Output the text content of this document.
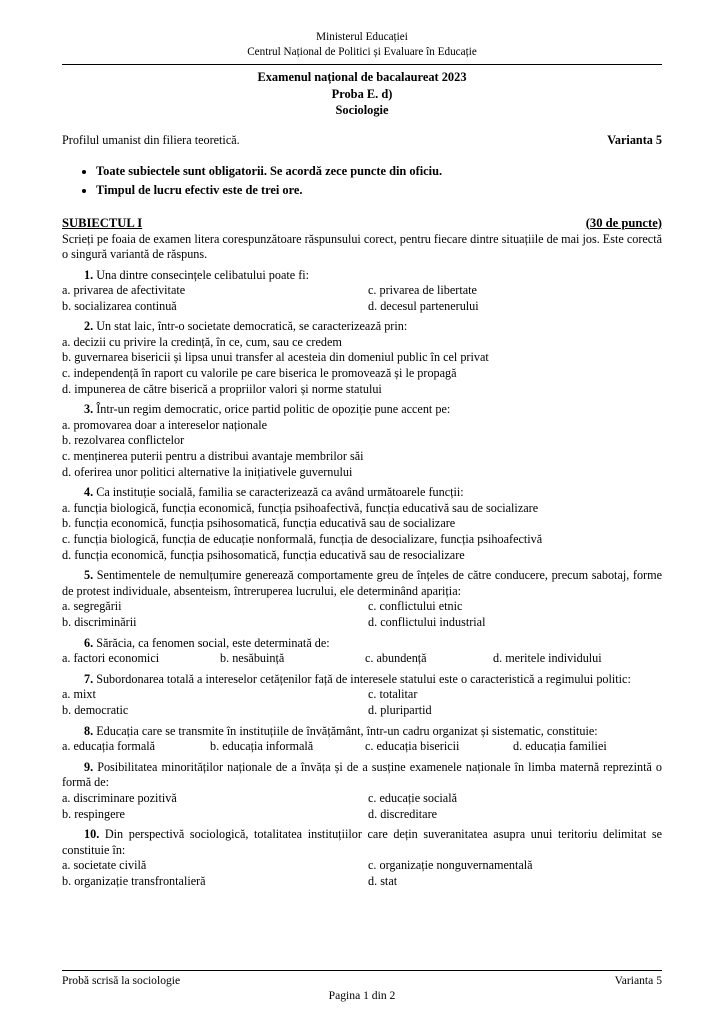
Ministerul Educației
Centrul Național de Politici și Evaluare în Educație
Examenul național de bacalaureat 2023
Proba E. d)
Sociologie
Varianta 5
Profilul umanist din filiera teoretică.
• Toate subiectele sunt obligatorii. Se acordă zece puncte din oficiu.
• Timpul de lucru efectiv este de trei ore.
SUBIECTUL I	(30 de puncte)
Scrieți pe foaia de examen litera corespunzătoare răspunsului corect, pentru fiecare dintre situațiile de mai jos. Este corectă o singură variantă de răspuns.
1. Una dintre consecințele celibatului poate fi:
a. privarea de afectivitate
b. socializarea continuă
c. privarea de libertate
d. decesul partenerului
2. Un stat laic, într-o societate democratică, se caracterizează prin:
a. decizii cu privire la credință, în ce, cum, sau ce credem
b. guvernarea bisericii și lipsa unui transfer al acesteia din domeniul public în cel privat
c. independență în raport cu valorile pe care biserica le promovează și le propagă
d. impunerea de către biserică a propriilor valori și norme statului
3. Într-un regim democratic, orice partid politic de opoziție pune accent pe:
a. promovarea doar a intereselor naționale
b. rezolvarea conflictelor
c. menținerea puterii pentru a distribui avantaje membrilor săi
d. oferirea unor politici alternative la inițiativele guvernului
4. Ca instituție socială, familia se caracterizează ca având următoarele funcții:
a. funcția biologică, funcția economică, funcția psihoafectivă, funcția educativă sau de socializare
b. funcția economică, funcția psihosomatică, funcția educativă sau de socializare
c. funcția biologică, funcția de educație nonformală, funcția de desocializare, funcția psihoafectivă
d. funcția economică, funcția psihosomatică, funcția educativă sau de resocializare
5. Sentimentele de nemulțumire generează comportamente greu de înțeles de către conducere, precum sabotaj, forme de protest individuale, absenteism, întreruperea lucrului, ele determinând apariția:
a. segregării
b. discriminării
c. conflictului etnic
d. conflictului industrial
6. Sărăcia, ca fenomen social, este determinată de:
a. factori economici	b. nesăbuință	c. abundență	d. meritele individului
7. Subordonarea totală a intereselor cetățenilor față de interesele statului este o caracteristică a regimului politic:
a. mixt
b. democratic
c. totalitar
d. pluripartid
8. Educația care se transmite în instituțiile de învățământ, într-un cadru organizat și sistematic, constituie:
a. educația formală	b. educația informală	c. educația bisericii	d. educația familiei
9. Posibilitatea minorităților naționale de a învăța și de a susține examenele naționale în limba maternă reprezintă o formă de:
a. discriminare pozitivă
b. respingere
c. educație socială
d. discreditare
10. Din perspectivă sociologică, totalitatea instituțiilor care dețin suveranitatea asupra unui teritoriu delimitat se constituie în:
a. societate civilă
b. organizație transfrontalieră
c. organizație nonguvernamentală
d. stat
Probă scrisă la sociologie	Varianta 5
Pagina 1 din 2
